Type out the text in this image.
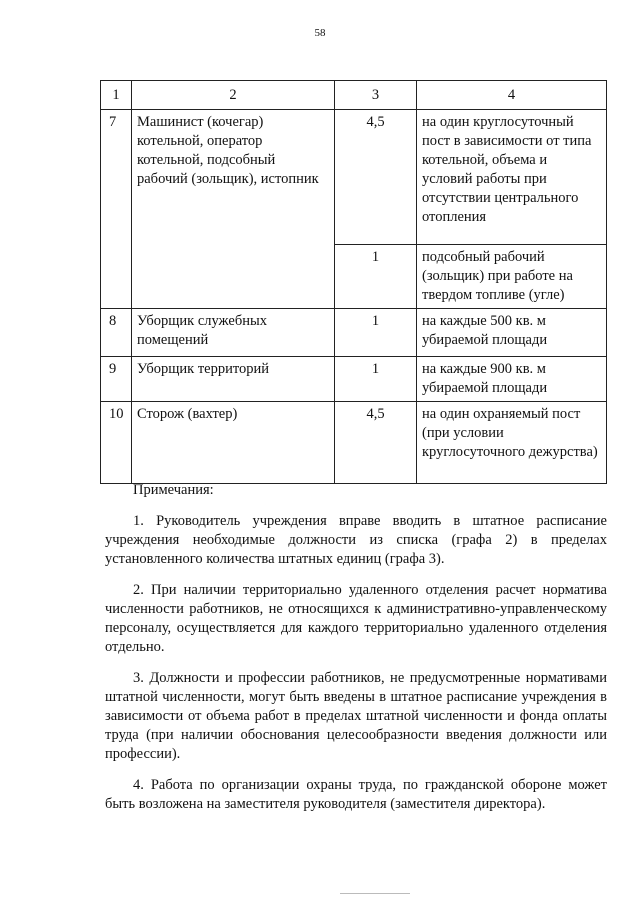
58
1	2	3	4
7	Машинист (кочегар) котельной, оператор котельной, подсобный рабочий (зольщик), истопник	4,5	на один круглосуточный пост в зависимости от типа котельной, объема и условий работы при отсутствии центрального отопления
		1	подсобный рабочий (зольщик) при работе на твердом топливе (угле)
8	Уборщик служебных помещений	1	на каждые 500 кв. м убираемой площади
9	Уборщик территорий	1	на каждые 900 кв. м убираемой площади
10	Сторож (вахтер)	4,5	на один охраняемый пост (при условии круглосуточного дежурства)
Примечания:

1. Руководитель учреждения вправе вводить в штатное расписание учреждения необходимые должности из списка (графа 2) в пределах установленного количества штатных единиц (графа 3).

2. При наличии территориально удаленного отделения расчет норматива численности работников, не относящихся к административно-управленческому персоналу, осуществляется для каждого территориально удаленного отделения отдельно.

3. Должности и профессии работников, не предусмотренные нормативами штатной численности, могут быть введены в штатное расписание учреждения в зависимости от объема работ в пределах штатной численности и фонда оплаты труда (при наличии обоснования целесообразности введения должности или профессии).

4. Работа по организации охраны труда, по гражданской обороне может быть возложена на заместителя руководителя (заместителя директора).
